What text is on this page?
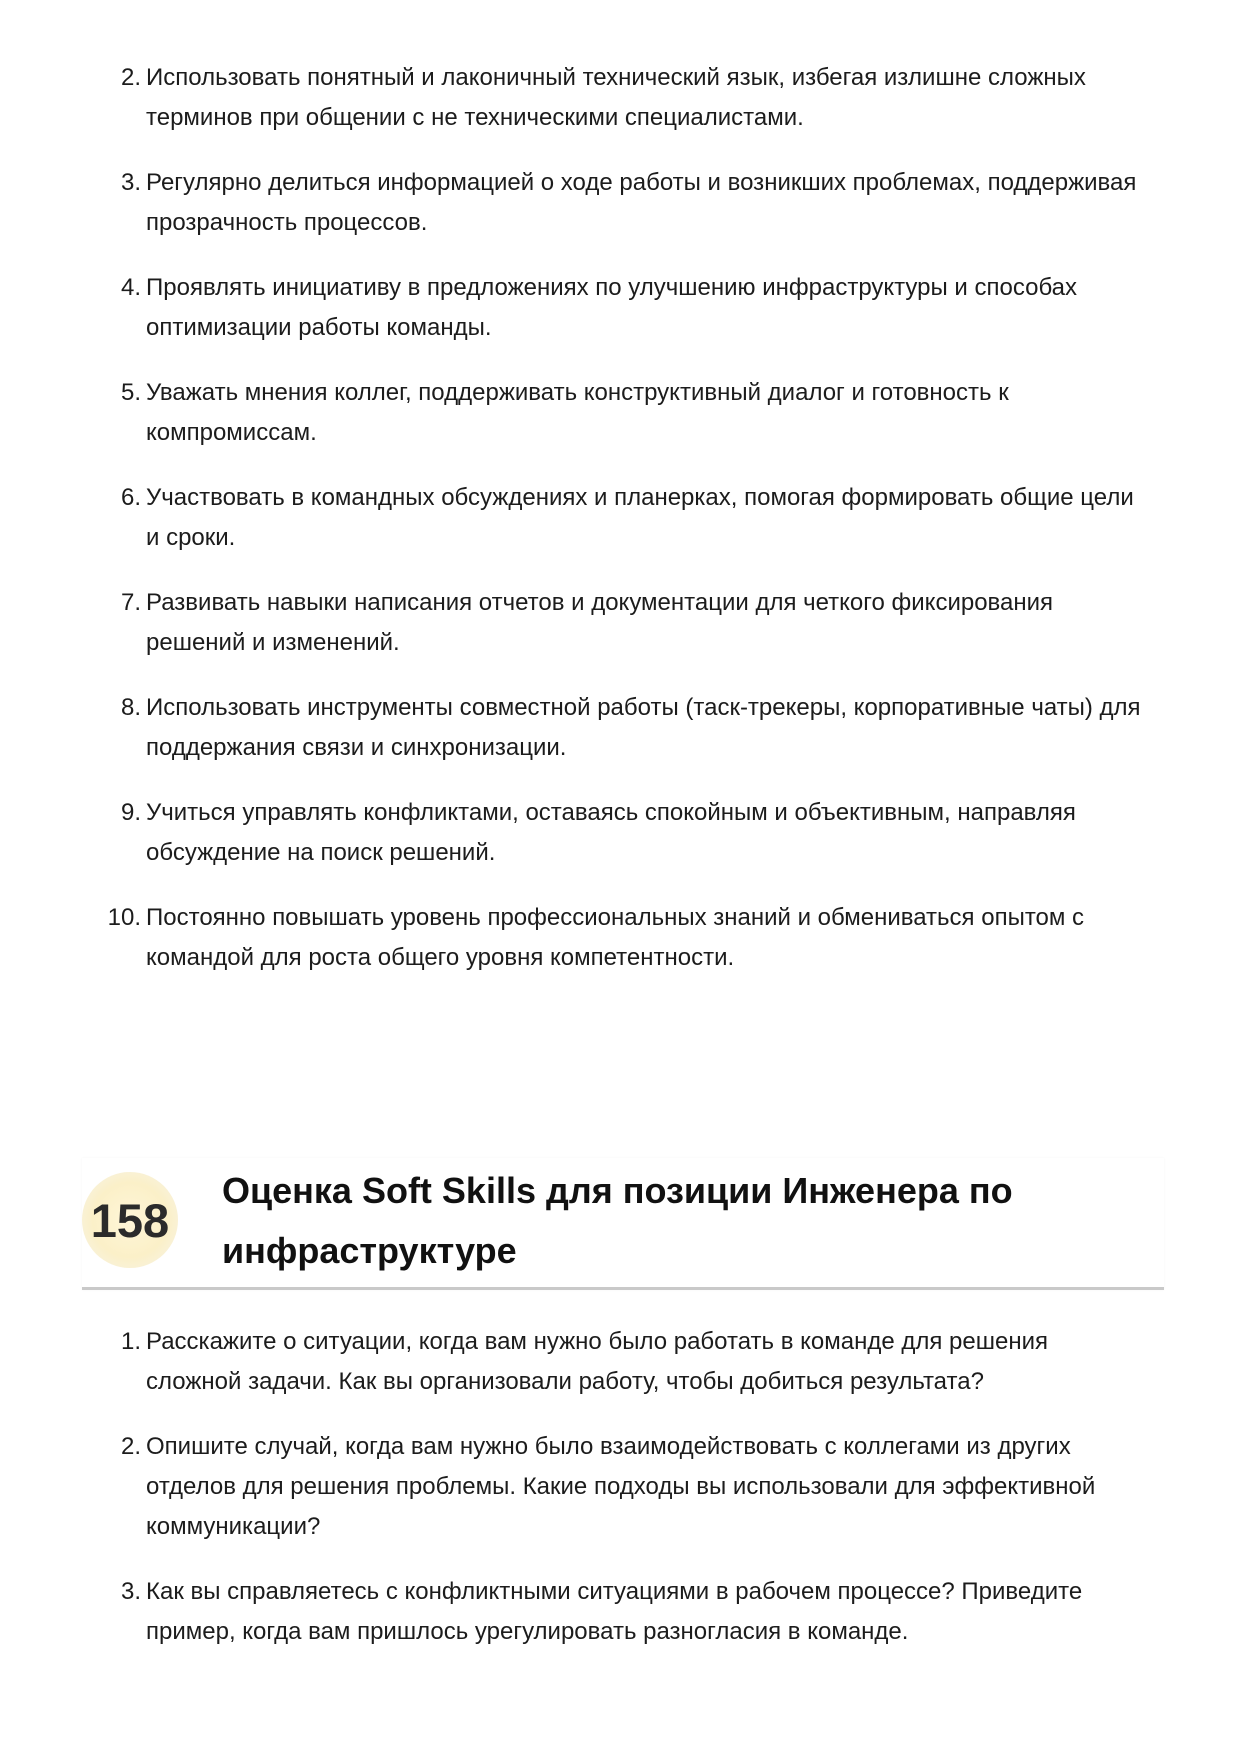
2. Использовать понятный и лаконичный технический язык, избегая излишне сложных терминов при общении с не техническими специалистами.
3. Регулярно делиться информацией о ходе работы и возникших проблемах, поддерживая прозрачность процессов.
4. Проявлять инициативу в предложениях по улучшению инфраструктуры и способах оптимизации работы команды.
5. Уважать мнения коллег, поддерживать конструктивный диалог и готовность к компромиссам.
6. Участвовать в командных обсуждениях и планерках, помогая формировать общие цели и сроки.
7. Развивать навыки написания отчетов и документации для четкого фиксирования решений и изменений.
8. Использовать инструменты совместной работы (таск-трекеры, корпоративные чаты) для поддержания связи и синхронизации.
9. Учиться управлять конфликтами, оставаясь спокойным и объективным, направляя обсуждение на поиск решений.
10. Постоянно повышать уровень профессиональных знаний и обмениваться опытом с командой для роста общего уровня компетентности.
158
Оценка Soft Skills для позиции Инженера по инфраструктуре
1. Расскажите о ситуации, когда вам нужно было работать в команде для решения сложной задачи. Как вы организовали работу, чтобы добиться результата?
2. Опишите случай, когда вам нужно было взаимодействовать с коллегами из других отделов для решения проблемы. Какие подходы вы использовали для эффективной коммуникации?
3. Как вы справляетесь с конфликтными ситуациями в рабочем процессе? Приведите пример, когда вам пришлось урегулировать разногласия в команде.
